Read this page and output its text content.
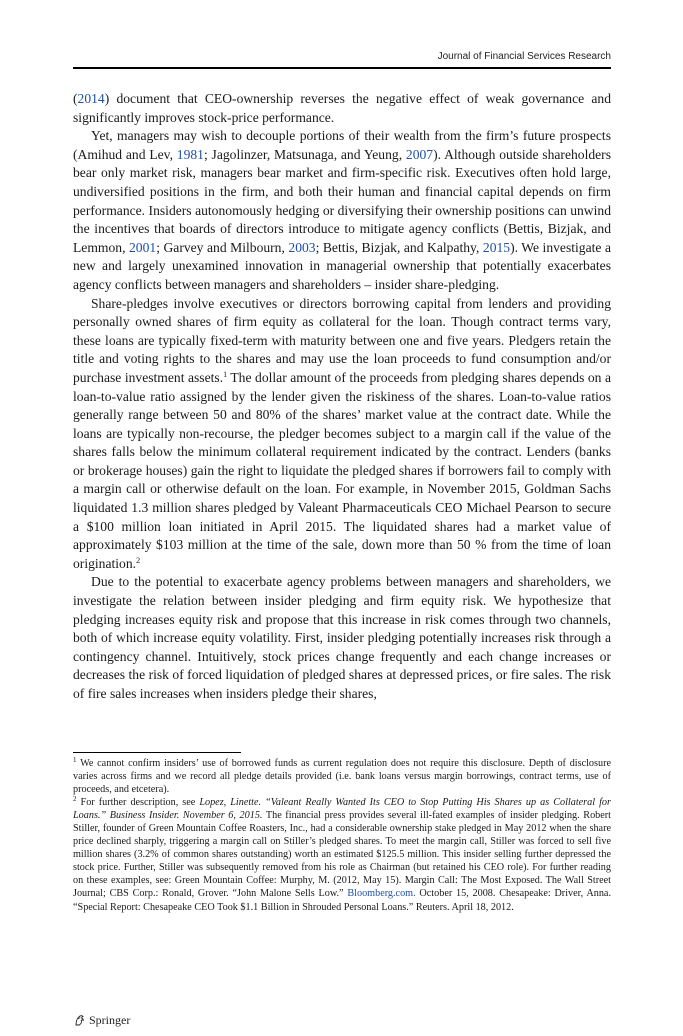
Journal of Financial Services Research

(2014) document that CEO-ownership reverses the negative effect of weak governance and significantly improves stock-price performance.

Yet, managers may wish to decouple portions of their wealth from the firm’s future prospects (Amihud and Lev, 1981; Jagolinzer, Matsunaga, and Yeung, 2007). Although outside shareholders bear only market risk, managers bear market and firm-specific risk. Executives often hold large, undiversified positions in the firm, and both their human and financial capital depends on firm performance. Insiders autonomously hedging or diversifying their ownership positions can unwind the incentives that boards of directors introduce to mitigate agency conflicts (Bettis, Bizjak, and Lemmon, 2001; Garvey and Milbourn, 2003; Bettis, Bizjak, and Kalpathy, 2015). We investigate a new and largely unexamined innovation in managerial ownership that potentially exacerbates agency conflicts between managers and shareholders – insider share-pledging.

Share-pledges involve executives or directors borrowing capital from lenders and providing personally owned shares of firm equity as collateral for the loan. Though contract terms vary, these loans are typically fixed-term with maturity between one and five years. Pledgers retain the title and voting rights to the shares and may use the loan proceeds to fund consumption and/or purchase investment assets.$^1$ The dollar amount of the proceeds from pledging shares depends on a loan-to-value ratio assigned by the lender given the riskiness of the shares. Loan-to-value ratios generally range between 50 and 80% of the shares’ market value at the contract date. While the loans are typically non-recourse, the pledger becomes subject to a margin call if the value of the shares falls below the minimum collateral requirement indicated by the contract. Lenders (banks or brokerage houses) gain the right to liquidate the pledged shares if borrowers fail to comply with a margin call or otherwise default on the loan. For example, in November 2015, Goldman Sachs liquidated 1.3 million shares pledged by Valeant Pharmaceuticals CEO Michael Pearson to secure a $100 million loan initiated in April 2015. The liquidated shares had a market value of approximately $103 million at the time of the sale, down more than 50 % from the time of loan origination.$^2$

Due to the potential to exacerbate agency problems between managers and shareholders, we investigate the relation between insider pledging and firm equity risk. We hypothesize that pledging increases equity risk and propose that this increase in risk comes through two channels, both of which increase equity volatility. First, insider pledging potentially increases risk through a contingency channel. Intuitively, stock prices change frequently and each change increases or decreases the risk of forced liquidation of pledged shares at depressed prices, or fire sales. The risk of fire sales increases when insiders pledge their shares,

$^1$ We cannot confirm insiders’ use of borrowed funds as current regulation does not require this disclosure. Depth of disclosure varies across firms and we record all pledge details provided (i.e. bank loans versus margin borrowings, contract terms, use of proceeds, and etcetera).

$^2$ For further description, see Lopez, Linette. “Valeant Really Wanted Its CEO to Stop Putting His Shares up as Collateral for Loans.” Business Insider. November 6, 2015. The financial press provides several ill-fated examples of insider pledging. Robert Stiller, founder of Green Mountain Coffee Roasters, Inc., had a considerable ownership stake pledged in May 2012 when the share price declined sharply, triggering a margin call on Stiller’s pledged shares. To meet the margin call, Stiller was forced to sell five million shares (3.2% of common shares outstanding) worth an estimated $125.5 million. This insider selling further depressed the stock price. Further, Stiller was subsequently removed from his role as Chairman (but retained his CEO role). For further reading on these examples, see: Green Mountain Coffee: Murphy, M. (2012, May 15). Margin Call: The Most Exposed. The Wall Street Journal; CBS Corp.: Ronald, Grover. “John Malone Sells Low.” Bloomberg.com. October 15, 2008. Chesapeake: Driver, Anna. “Special Report: Chesapeake CEO Took $1.1 Billion in Shrouded Personal Loans.” Reuters. April 18, 2012.

Springer
